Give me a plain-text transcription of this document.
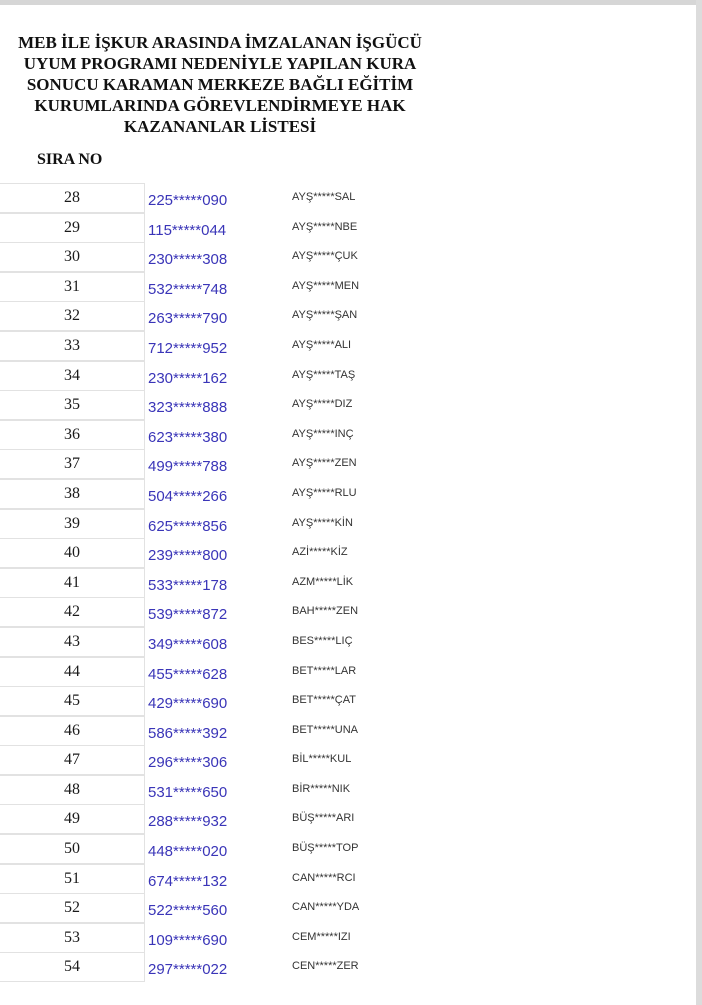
MEB İLE İŞKUR ARASINDA İMZALANAN İŞGÜCÜ
UYUM PROGRAMI NEDENİYLE YAPILAN KURA
SONUCU KARAMAN MERKEZE BAĞLI EĞİTİM
KURUMLARINDA GÖREVLENDİRMEYE HAK
KAZANANLAR LİSTESİ
SIRA NO
28	225*****090	AYŞ*****SAL
29	115*****044	AYŞ*****NBE
30	230*****308	AYŞ*****ÇUK
31	532*****748	AYŞ*****MEN
32	263*****790	AYŞ*****ŞAN
33	712*****952	AYŞ*****ALI
34	230*****162	AYŞ*****TAŞ
35	323*****888	AYŞ*****DIZ
36	623*****380	AYŞ*****INÇ
37	499*****788	AYŞ*****ZEN
38	504*****266	AYŞ*****RLU
39	625*****856	AYŞ*****KİN
40	239*****800	AZİ*****KİZ
41	533*****178	AZM*****LİK
42	539*****872	BAH*****ZEN
43	349*****608	BES*****LIÇ
44	455*****628	BET*****LAR
45	429*****690	BET*****ÇAT
46	586*****392	BET*****UNA
47	296*****306	BİL*****KUL
48	531*****650	BİR*****NIK
49	288*****932	BÜŞ*****ARI
50	448*****020	BÜŞ*****TOP
51	674*****132	CAN*****RCI
52	522*****560	CAN*****YDA
53	109*****690	CEM*****IZI
54	297*****022	CEN*****ZER
